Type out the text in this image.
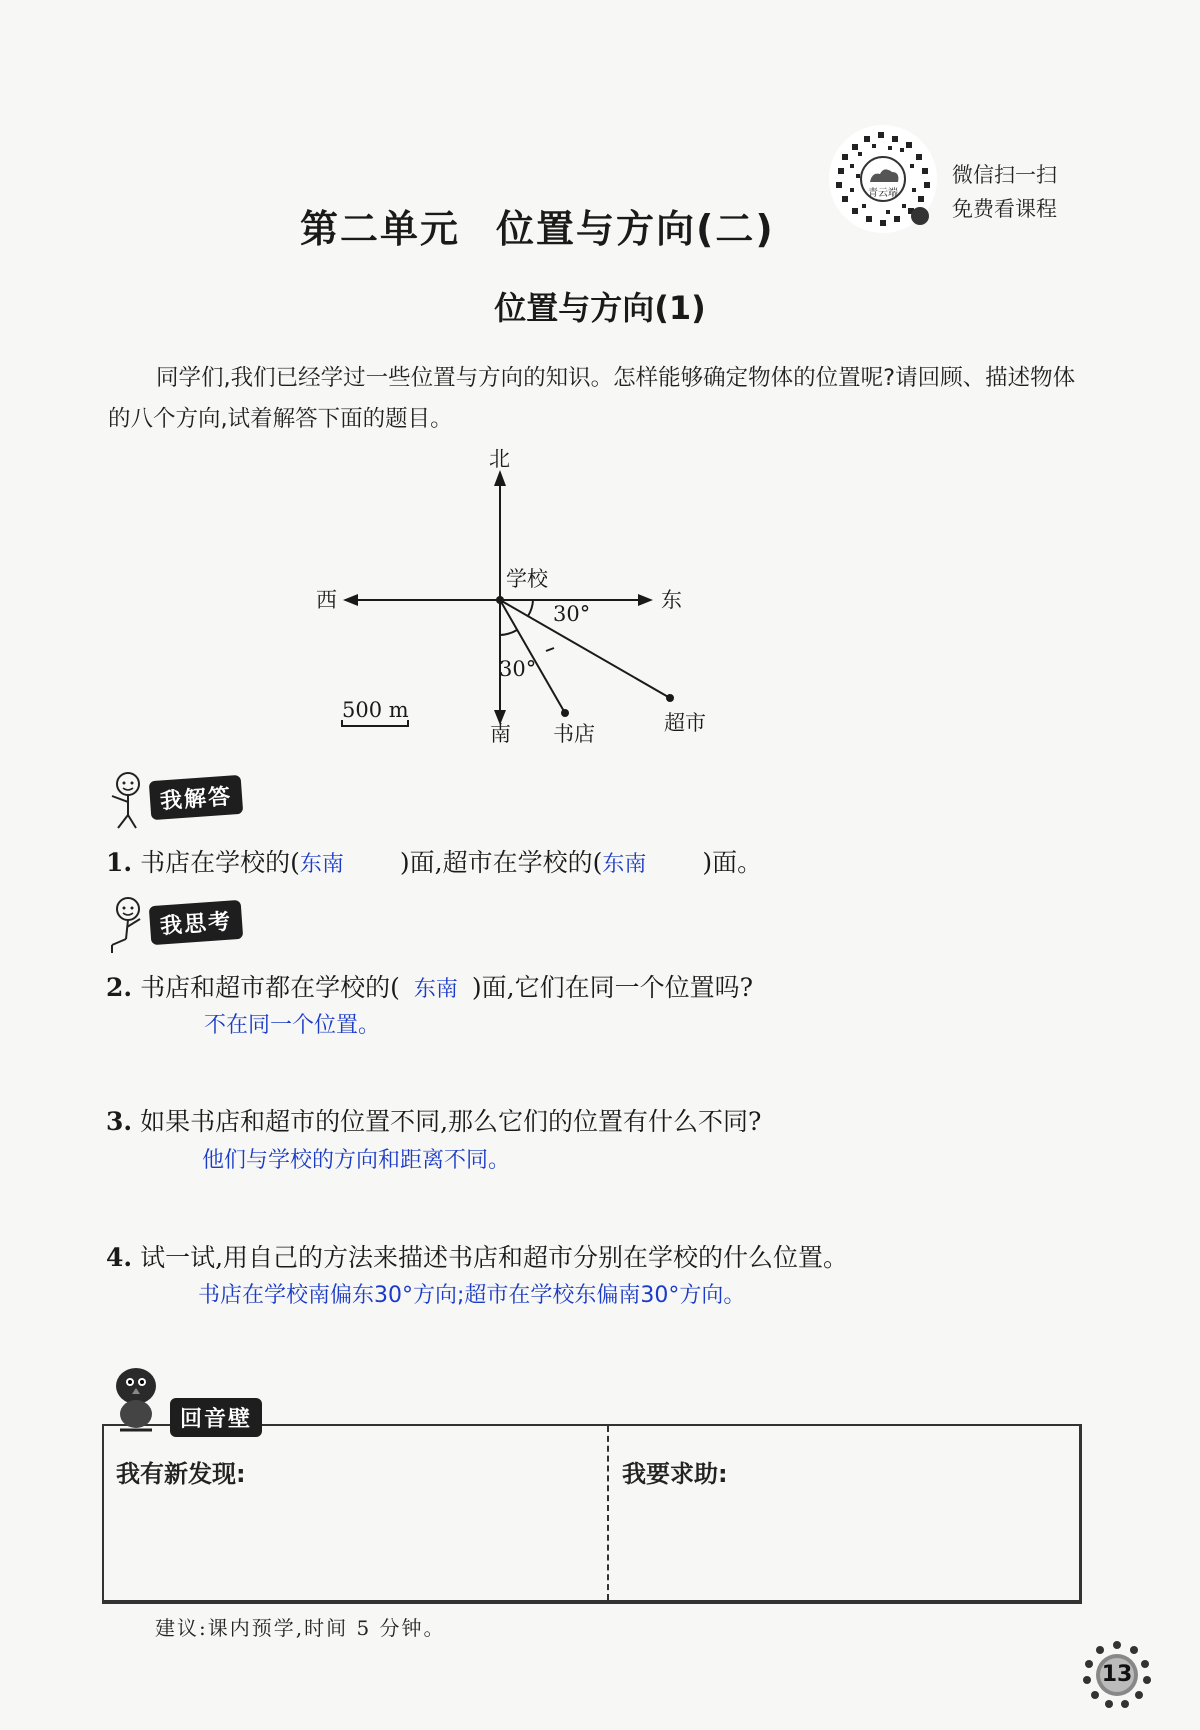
第二单元 位置与方向(二)
青云端
微信扫一扫
免费看课程
位置与方向(1)
同学们,我们已经学过一些位置与方向的知识。怎样能够确定物体的位置呢?请回顾、描述物体的八个方向,试着解答下面的题目。
北
西	东
南
学校
30°
30°
500 m
书店	超市
我解答
1. 书店在学校的(东南 )面,超市在学校的(东南 )面。
我思考
2. 书店和超市都在学校的( 东南 )面,它们在同一个位置吗?
不在同一个位置。
3. 如果书店和超市的位置不同,那么它们的位置有什么不同?
他们与学校的方向和距离不同。
4. 试一试,用自己的方法来描述书店和超市分别在学校的什么位置。
书店在学校南偏东30°方向;超市在学校东偏南30°方向。
我有新发现:	我要求助:
回音壁
建议:课内预学,时间 5 分钟。
13
